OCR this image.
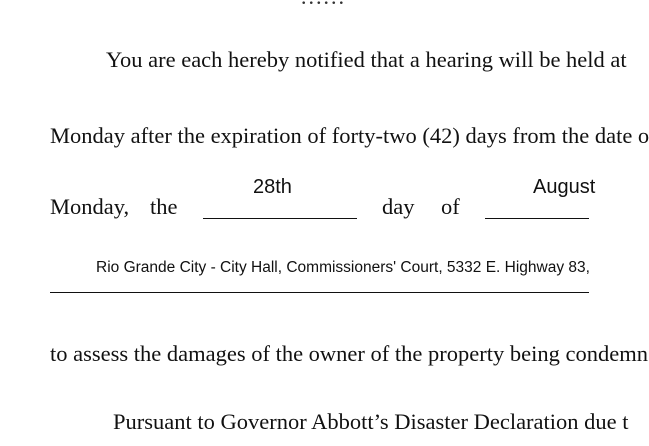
You are each hereby notified that a hearing will be held at
Monday after the expiration of forty-two (42) days from the date o
Monday, the
28th
day of
August
Rio Grande City - City Hall, Commissioners' Court, 5332 E. Highway 83,
to assess the damages of the owner of the property being condemn
Pursuant to Governor Abbott’s Disaster Declaration due t
